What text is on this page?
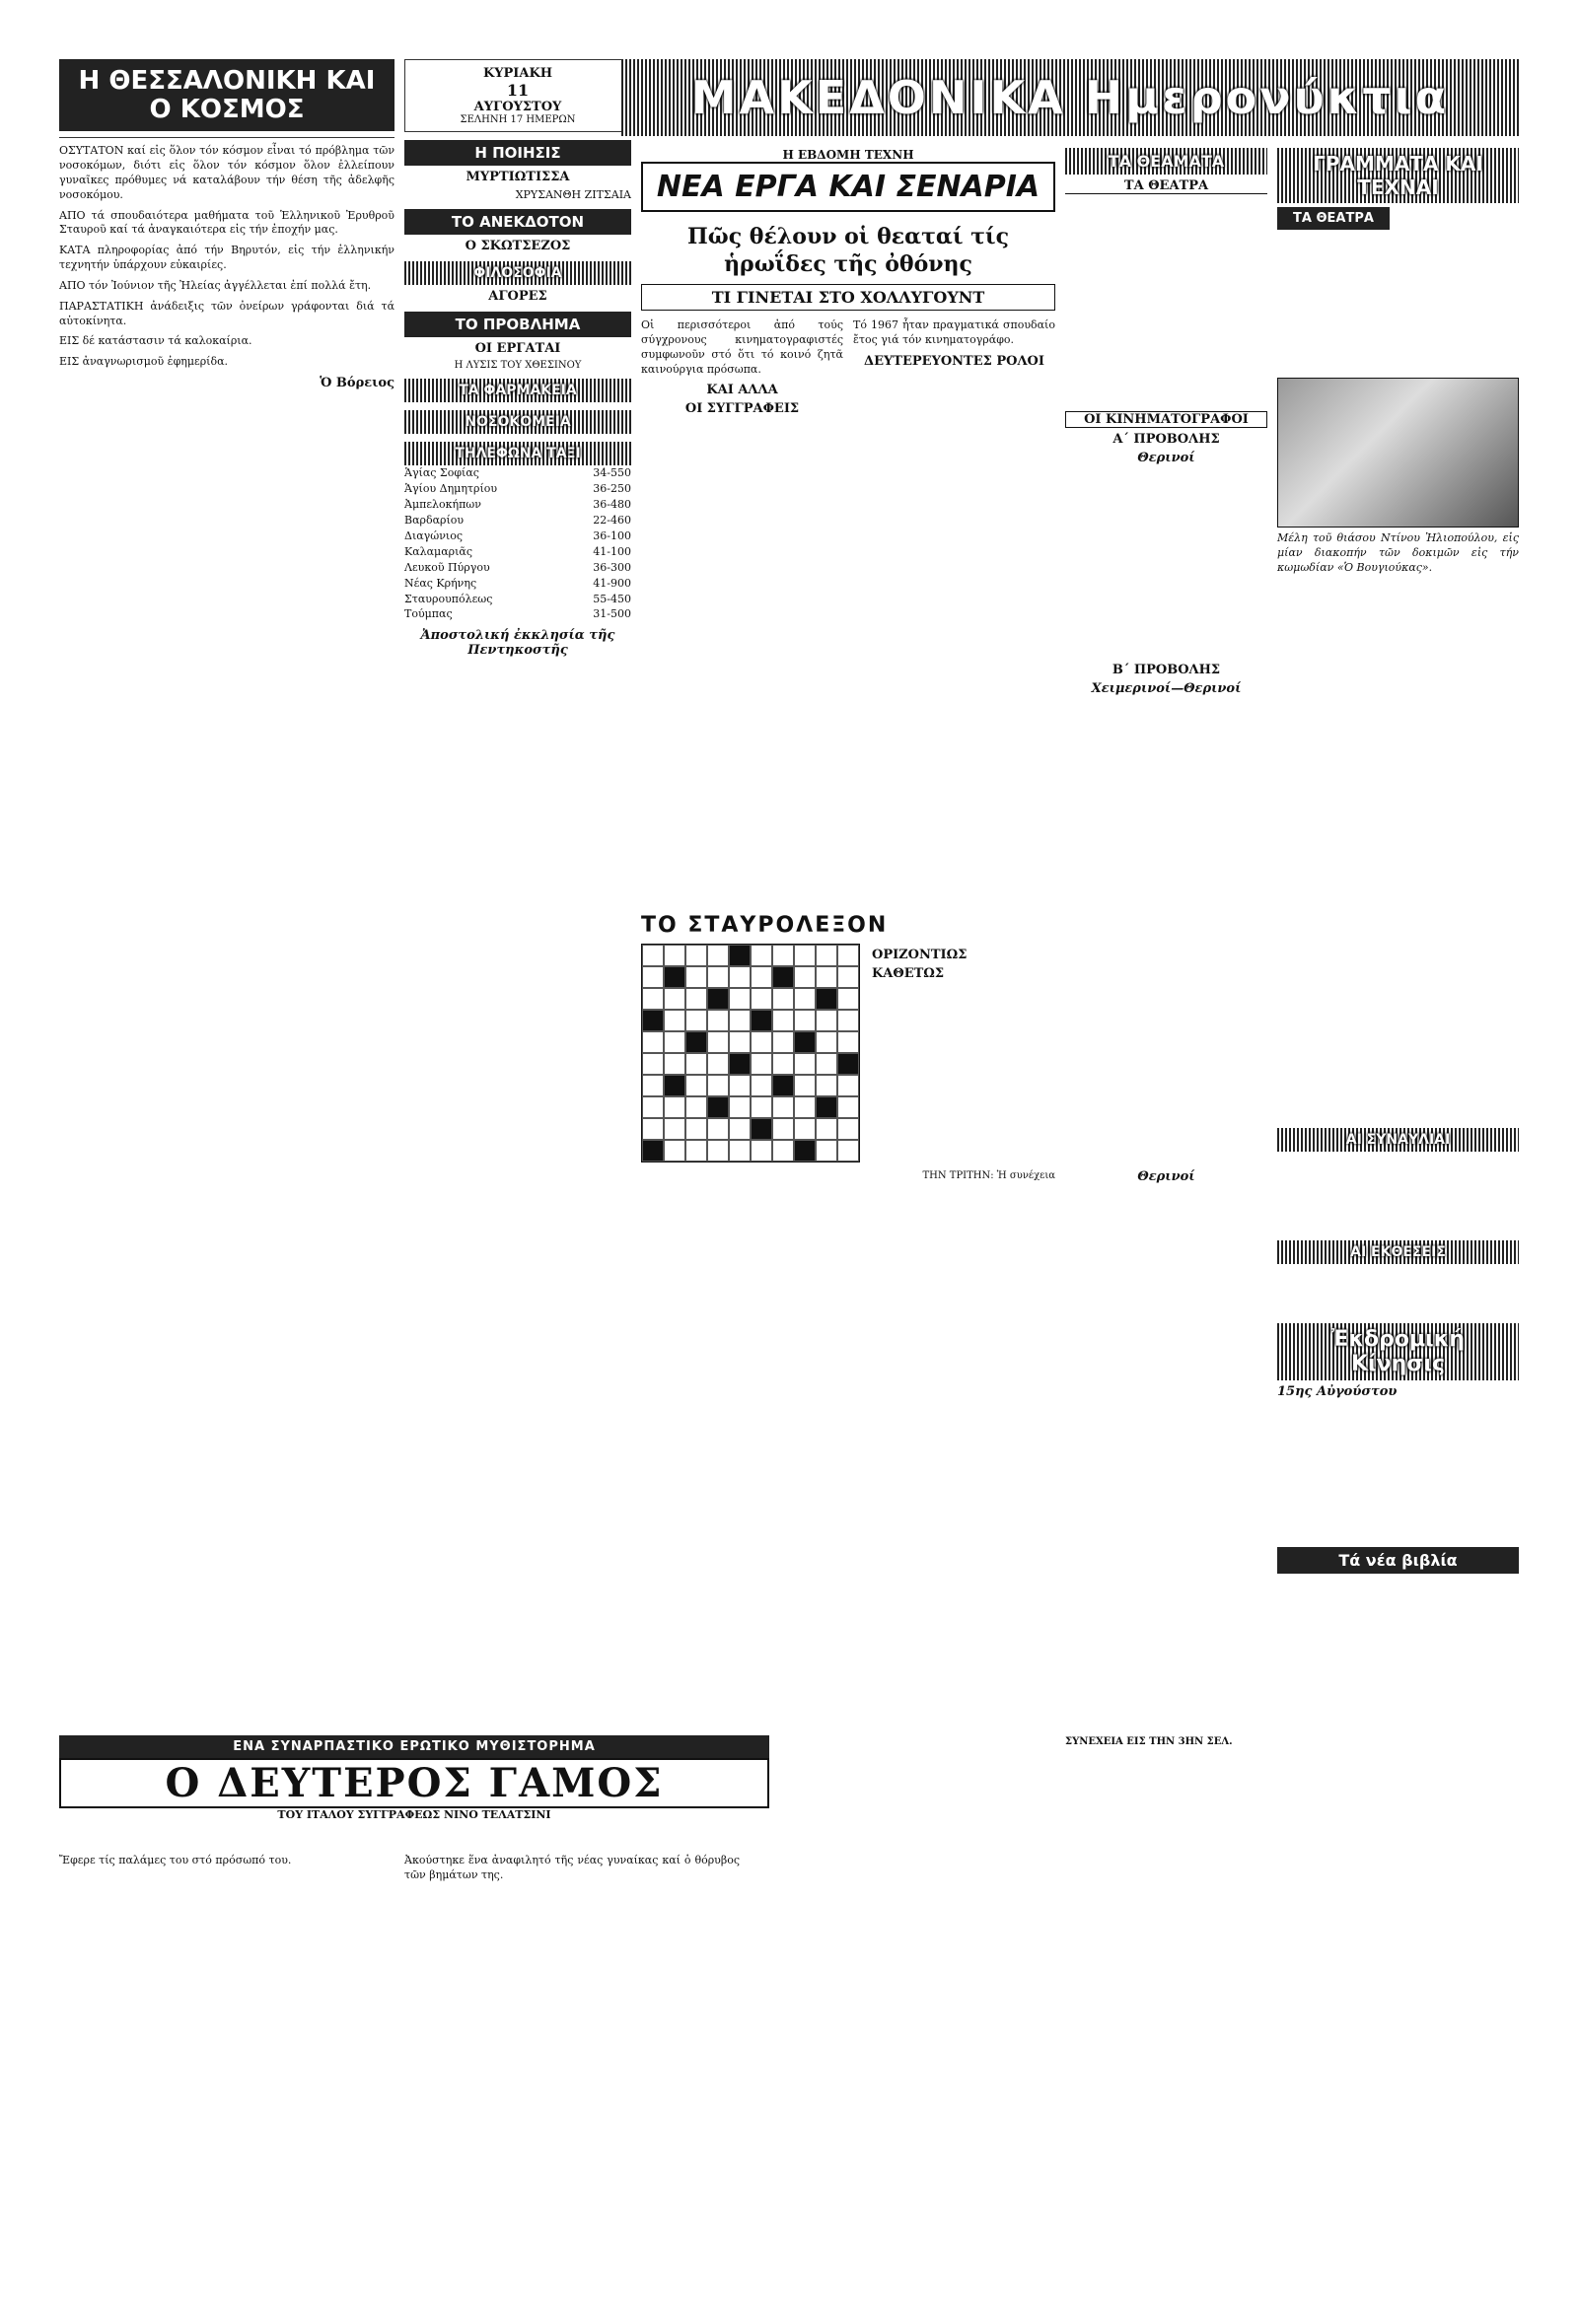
Η ΘΕΣΣΑΛΟΝΙΚΗ ΚΑΙ Ο ΚΟΣΜΟΣ

ΟΣΥΤΑΤΟΝ καί εἰς ὅλον τόν κόσμον εἶναι τό πρόβλημα τῶν νοσοκόμων, διότι εἰς ὅλον τόν κόσμον ὅλον ἐλλείπουν γυναῖκες πρόθυμες νά καταλάβουν τήν θέση τῆς ἀδελφῆς νοσοκόμου.

ΑΠΟ τά σπουδαιότερα μαθήματα τοῦ Ἑλληνικοῦ Ἐρυθροῦ Σταυροῦ καί τά ἀναγκαιότερα εἰς τήν ἐποχήν μας.

ΚΑΤΑ πληροφορίας ἀπό τήν Βηρυτόν, εἰς τήν ἑλληνικήν τεχνητήν ὑπάρχουν εὐκαιρίες.

ΑΠΟ τόν Ἰούνιον τῆς Ἠλείας ἀγγέλλεται ἐπί πολλά ἔτη.

ΠΑΡΑΣΤΑΤΙΚΗ ἀνάδειξις τῶν ὀνείρων γράφονται διά τά αὐτοκίνητα.

ΕΙΣ δέ κατάστασιν τά καλοκαίρια.

ΕΙΣ ἀναγνωρισμοῦ ἐφημερίδα.

Ὁ Βόρειος
ΚΥΡΙΑΚΗ
11
ΑΥΓΟΥΣΤΟΥ
ΣΕΛΗΝΗ 17 ΗΜΕΡΩΝ
Η ΠΟΙΗΣΙΣ
ΜΥΡΤΙΩΤΙΣΣΑ
ΧΡΥΣΑΝΘΗ ΖΙΤΣΑΙΑ
ΤΟ ΑΝΕΚΔΟΤΟΝ
Ο ΣΚΩΤΣΕΖΟΣ
ΦΙΛΟΣΟΦΙΑ
ΑΓΟΡΕΣ
ΤΟ ΠΡΟΒΛΗΜΑ
ΟΙ ΕΡΓΑΤΑΙ
Η ΛΥΣΙΣ ΤΟΥ ΧΘΕΣΙΝΟΥ
ΤΑ ΦΑΡΜΑΚΕΙΑ
ΝΟΣΟΚΟΜΕΙΑ
ΤΗΛΕΦΩΝΑ ΤΑΞΙ
Ἁγίας Σοφίας	34-550
Ἁγίου Δημητρίου	36-250
Ἀμπελοκήπων	36-480
Βαρδαρίου	22-460
Διαγώνιος	36-100
Καλαμαριᾶς	41-100
Λευκοῦ Πύργου	36-300
Νέας Κρήνης	41-900
Σταυρουπόλεως	55-450
Τούμπας	31-500
Ἀποστολική ἐκκλησία τῆς Πεντηκοστῆς
ΜΑΚΕΔΟΝΙΚΑ Ημερονύκτια
Η ΕΒΔΟΜΗ ΤΕΧΝΗ
ΝΕΑ ΕΡΓΑ ΚΑΙ ΣΕΝΑΡΙΑ
Πῶς θέλουν οἱ θεαταί τίς ἡρωΐδες τῆς ὀθόνης
ΤΙ ΓΙΝΕΤΑΙ ΣΤΟ ΧΟΛΛΥΓΟΥΝΤ

Οἱ περισσότεροι ἀπό τούς σύγχρονους κινηματογραφιστές συμφωνοῦν στό ὅτι τό κοινό ζητᾶ καινούργια πρόσωπα.

ΚΑΙ ΑΛΛΑ
ΟΙ ΣΥΓΓΡΑΦΕΙΣ

Τό 1967 ἦταν πραγματικά σπουδαίο ἔτος γιά τόν κινηματογράφο.

ΔΕΥΤΕΡΕΥΟΝΤΕΣ ΡΟΛΟΙ
ΤΟ ΣΤΑΥΡΟΛΕΞΟΝ
ΟΡΙΖΟΝΤΙΩΣ
ΚΑΘΕΤΩΣ
ΤΗΝ ΤΡΙΤΗΝ: Ἡ συνέχεια
ΤΑ ΘΕΑΜΑΤΑ
ΤΑ ΘΕΑΤΡΑ
ΟΙ ΚΙΝΗΜΑΤΟΓΡΑΦΟΙ
Α΄ ΠΡΟΒΟΛΗΣ
Θερινοί
Β΄ ΠΡΟΒΟΛΗΣ
Χειμερινοί—Θερινοί
Θερινοί
ΣΥΝΕΧΕΙΑ ΕΙΣ ΤΗΝ 3ΗΝ ΣΕΛ.
ΓΡΑΜΜΑΤΑ ΚΑΙ ΤΕΧΝΑΙ
ΤΑ ΘΕΑΤΡΑ

Μέλη τοῦ θιάσου Ντίνου Ἠλιοπούλου, εἰς μίαν διακοπήν τῶν δοκιμῶν εἰς τήν κωμωδίαν «Ὁ Βουγιούκας».

ΑΙ ΣΥΝΑΥΛΙΑΙ
ΑΙ ΕΚΘΕΣΕΙΣ
Ἐκδρομική Κίνησις
15ης Αὐγούστου
Τά νέα βιβλία
ΕΝΑ ΣΥΝΑΡΠΑΣΤΙΚΟ ΕΡΩΤΙΚΟ ΜΥΘΙΣΤΟΡΗΜΑ
Ο ΔΕΥΤΕΡΟΣ ΓΑΜΟΣ
ΤΟΥ ΙΤΑΛΟΥ ΣΥΓΓΡΑΦΕΩΣ ΝΙΝΟ ΤΕΛΑΤΣΙΝΙ

Ἔφερε τίς παλάμες του στό πρόσωπό του.	Ἀκούστηκε ἕνα ἀναφιλητό τῆς νέας γυναίκας καί ὁ θόρυβος τῶν βημάτων της.
